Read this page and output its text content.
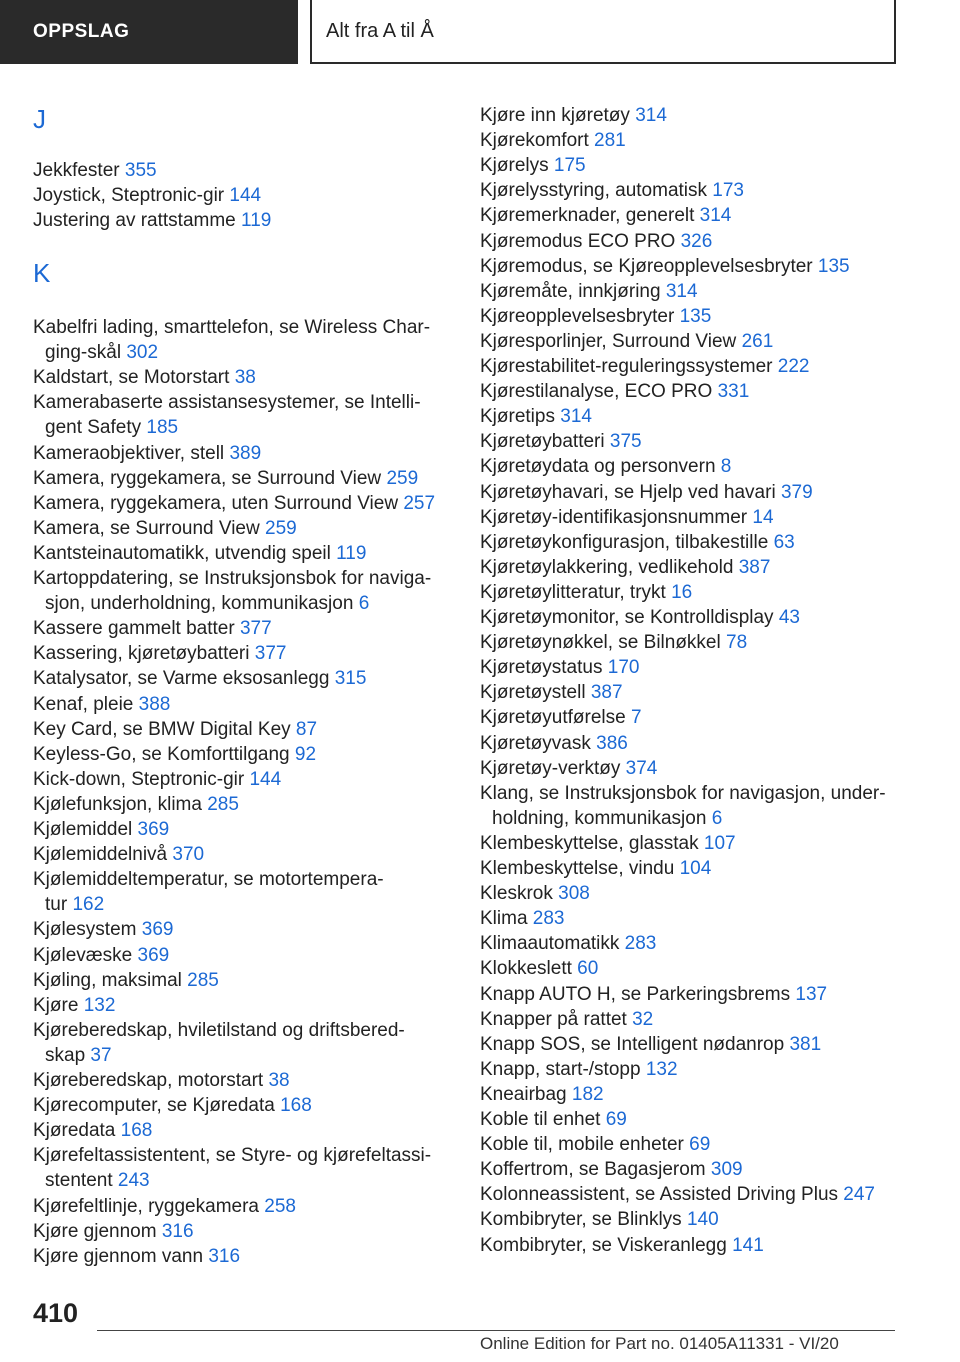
OPPSLAG	Alt fra A til Å
J
Jekkfester 355
Joystick, Steptronic-gir 144
Justering av rattstamme 119
K
Kabelfri lading, smarttelefon, se Wireless Char-
ging-skål 302
Kaldstart, se Motorstart 38
Kamerabaserte assistansesystemer, se Intelli-
gent Safety 185
Kameraobjektiver, stell 389
Kamera, ryggekamera, se Surround View 259
Kamera, ryggekamera, uten Surround View 257
Kamera, se Surround View 259
Kantsteinautomatikk, utvendig speil 119
Kartoppdatering, se Instruksjonsbok for naviga-
sjon, underholdning, kommunikasjon 6
Kassere gammelt batter 377
Kassering, kjøretøybatteri 377
Katalysator, se Varme eksosanlegg 315
Kenaf, pleie 388
Key Card, se BMW Digital Key 87
Keyless-Go, se Komforttilgang 92
Kick-down, Steptronic-gir 144
Kjølefunksjon, klima 285
Kjølemiddel 369
Kjølemiddelnivå 370
Kjølemiddeltemperatur, se motortempera-
tur 162
Kjølesystem 369
Kjølevæske 369
Kjøling, maksimal 285
Kjøre 132
Kjøreberedskap, hviletilstand og driftsbered-
skap 37
Kjøreberedskap, motorstart 38
Kjørecomputer, se Kjøredata 168
Kjøredata 168
Kjørefeltassistentent, se Styre- og kjørefeltassi-
stentent 243
Kjørefeltlinje, ryggekamera 258
Kjøre gjennom 316
Kjøre gjennom vann 316
Kjøre inn kjøretøy 314
Kjørekomfort 281
Kjørelys 175
Kjørelysstyring, automatisk 173
Kjøremerknader, generelt 314
Kjøremodus ECO PRO 326
Kjøremodus, se Kjøreopplevelsesbryter 135
Kjøremåte, innkjøring 314
Kjøreopplevelsesbryter 135
Kjøresporlinjer, Surround View 261
Kjørestabilitet-reguleringssystemer 222
Kjørestilanalyse, ECO PRO 331
Kjøretips 314
Kjøretøybatteri 375
Kjøretøydata og personvern 8
Kjøretøyhavari, se Hjelp ved havari 379
Kjøretøy-identifikasjonsnummer 14
Kjøretøykonfigurasjon, tilbakestille 63
Kjøretøylakkering, vedlikehold 387
Kjøretøylitteratur, trykt 16
Kjøretøymonitor, se Kontrolldisplay 43
Kjøretøynøkkel, se Bilnøkkel 78
Kjøretøystatus 170
Kjøretøystell 387
Kjøretøyutførelse 7
Kjøretøyvask 386
Kjøretøy-verktøy 374
Klang, se Instruksjonsbok for navigasjon, under-
holdning, kommunikasjon 6
Klembeskyttelse, glasstak 107
Klembeskyttelse, vindu 104
Kleskrok 308
Klima 283
Klimaautomatikk 283
Klokkeslett 60
Knapp AUTO H, se Parkeringsbrems 137
Knapper på rattet 32
Knapp SOS, se Intelligent nødanrop 381
Knapp, start-/stopp 132
Kneairbag 182
Koble til enhet 69
Koble til, mobile enheter 69
Koffertrom, se Bagasjerom 309
Kolonneassistent, se Assisted Driving Plus 247
Kombibryter, se Blinklys 140
Kombibryter, se Viskeranlegg 141
410
Online Edition for Part no. 01405A11331 - VI/20
